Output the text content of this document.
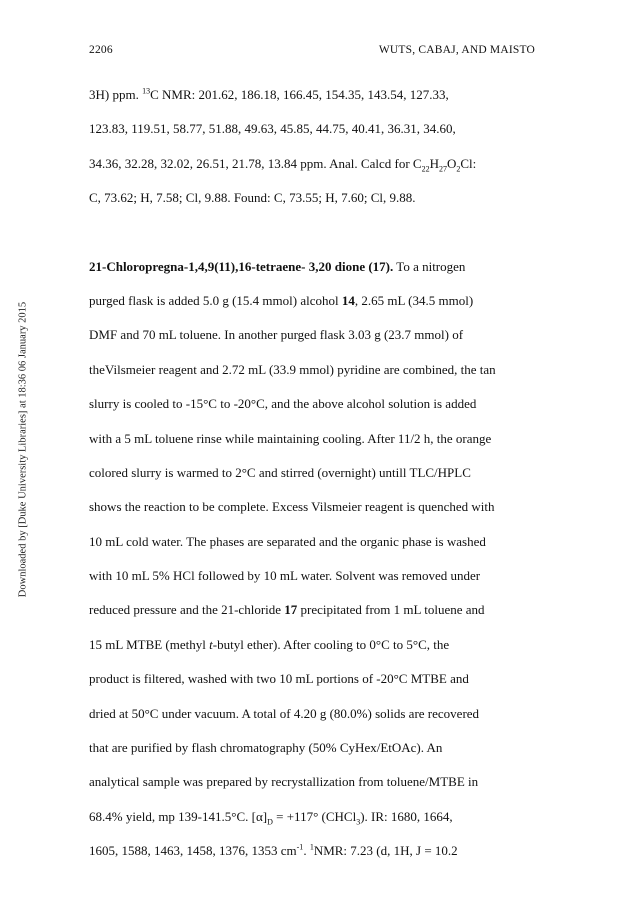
2206	WUTS, CABAJ, AND MAISTO
Downloaded by [Duke University Libraries] at 18:36 06 January 2015
3H) ppm. $^{13}$C NMR: 201.62, 186.18, 166.45, 154.35, 143.54, 127.33,
123.83, 119.51, 58.77, 51.88, 49.63, 45.85, 44.75, 40.41, 36.31, 34.60,
34.36, 32.28, 32.02, 26.51, 21.78, 13.84 ppm. Anal. Calcd for $C_{22}H_{27}O_2Cl$:
C, 73.62; H, 7.58; Cl, 9.88. Found: C, 73.55; H, 7.60; Cl, 9.88.
21-Chloropregna-1,4,9(11),16-tetraene- 3,20 dione (17). To a nitrogen
purged flask is added 5.0 g (15.4 mmol) alcohol 14, 2.65 mL (34.5 mmol)
DMF and 70 mL toluene. In another purged flask 3.03 g (23.7 mmol) of
theVilsmeier reagent and 2.72 mL (33.9 mmol) pyridine are combined, the tan
slurry is cooled to -15°C to -20°C, and the above alcohol solution is added
with a 5 mL toluene rinse while maintaining cooling. After 11/2 h, the orange
colored slurry is warmed to 2°C and stirred (overnight) untill TLC/HPLC
shows the reaction to be complete. Excess Vilsmeier reagent is quenched with
10 mL cold water. The phases are separated and the organic phase is washed
with 10 mL 5% HCl followed by 10 mL water. Solvent was removed under
reduced pressure and the 21-chloride 17 precipitated from 1 mL toluene and
15 mL MTBE (methyl t-butyl ether). After cooling to 0°C to 5°C, the
product is filtered, washed with two 10 mL portions of -20°C MTBE and
dried at 50°C under vacuum. A total of 4.20 g (80.0%) solids are recovered
that are purified by flash chromatography (50% CyHex/EtOAc). An
analytical sample was prepared by recrystallization from toluene/MTBE in
68.4% yield, mp 139-141.5°C. $[\alpha]_D = +117^\circ$ (CHCl$_3$). IR: 1680, 1664,
1605, 1588, 1463, 1458, 1376, 1353 $cm^{-1}$. $^1$NMR: 7.23 (d, 1H, J = 10.2
